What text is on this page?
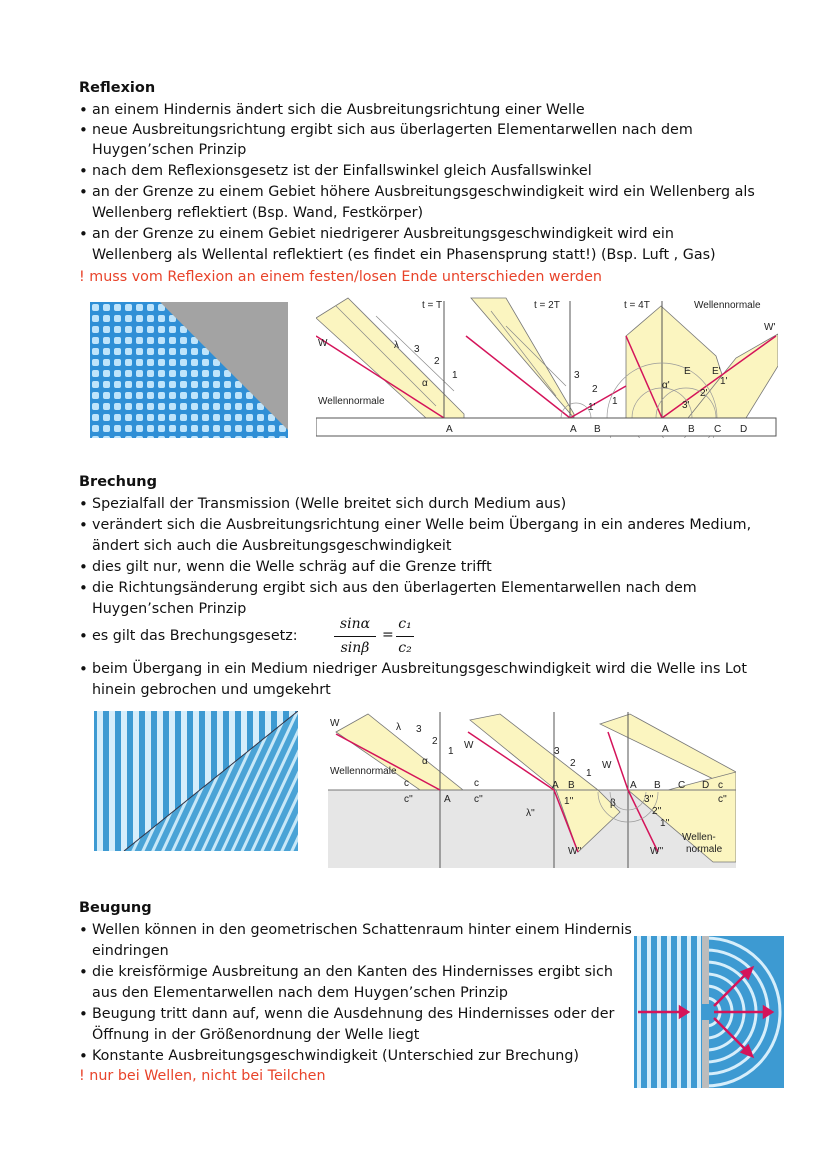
Reflexion
• an einem Hindernis ändert sich die Ausbreitungsrichtung einer Welle
• neue Ausbreitungsrichtung ergibt sich aus überlagerten Elementarwellen nach dem
Huygen’schen Prinzip
• nach dem Reflexionsgesetz ist der Einfallswinkel gleich Ausfallswinkel
• an der Grenze zu einem Gebiet höhere Ausbreitungsgeschwindigkeit wird ein Wellenberg als
Wellenberg reflektiert (Bsp. Wand, Festkörper)
• an der Grenze zu einem Gebiet niedrigerer Ausbreitungsgeschwindigkeit wird ein
Wellenberg als Wellental reflektiert (es findet ein Phasensprung statt!) (Bsp. Luft , Gas)
! muss vom Reflexion an einem festen/losen Ende unterschieden werden
t = T	t = 2T	t = 4T	Wellennormale
W'
W	λ 3
2
1
α
Wellennormale
3
2
1
1'
α'
E E'
1'
2'
3'
A	A B	A B C D
Brechung
• Spezialfall der Transmission (Welle breitet sich durch Medium aus)
• verändert sich die Ausbreitungsrichtung einer Welle beim Übergang in ein anderes Medium,
ändert sich auch die Ausbreitungsgeschwindigkeit
• dies gilt nur, wenn die Welle schräg auf die Grenze trifft
• die Richtungsänderung ergibt sich aus den überlagerten Elementarwellen nach dem
Huygen’schen Prinzip
• es gilt das Brechungsgesetz:
sinα
sinβ
=
c₁
c₂
• beim Übergang in ein Medium niedriger Ausbreitungsgeschwindigkeit wird die Welle ins Lot
hinein gebrochen und umgekehrt
W	λ 3
2
1
α
Wellennormale
c
c''	A
W
c
c''
3
2
1
A B
1''
λ''
W''
W
A B C D c
c''
β	3''
2''
1''
Wellen-
normale
W''
Beugung
• Wellen können in den geometrischen Schattenraum hinter einem Hindernis
eindringen
• die kreisförmige Ausbreitung an den Kanten des Hindernisses ergibt sich
aus den Elementarwellen nach dem Huygen’schen Prinzip
• Beugung tritt dann auf, wenn die Ausdehnung des Hindernisses oder der
Öffnung in der Größenordnung der Welle liegt
• Konstante Ausbreitungsgeschwindigkeit (Unterschied zur Brechung)
! nur bei Wellen, nicht bei Teilchen
